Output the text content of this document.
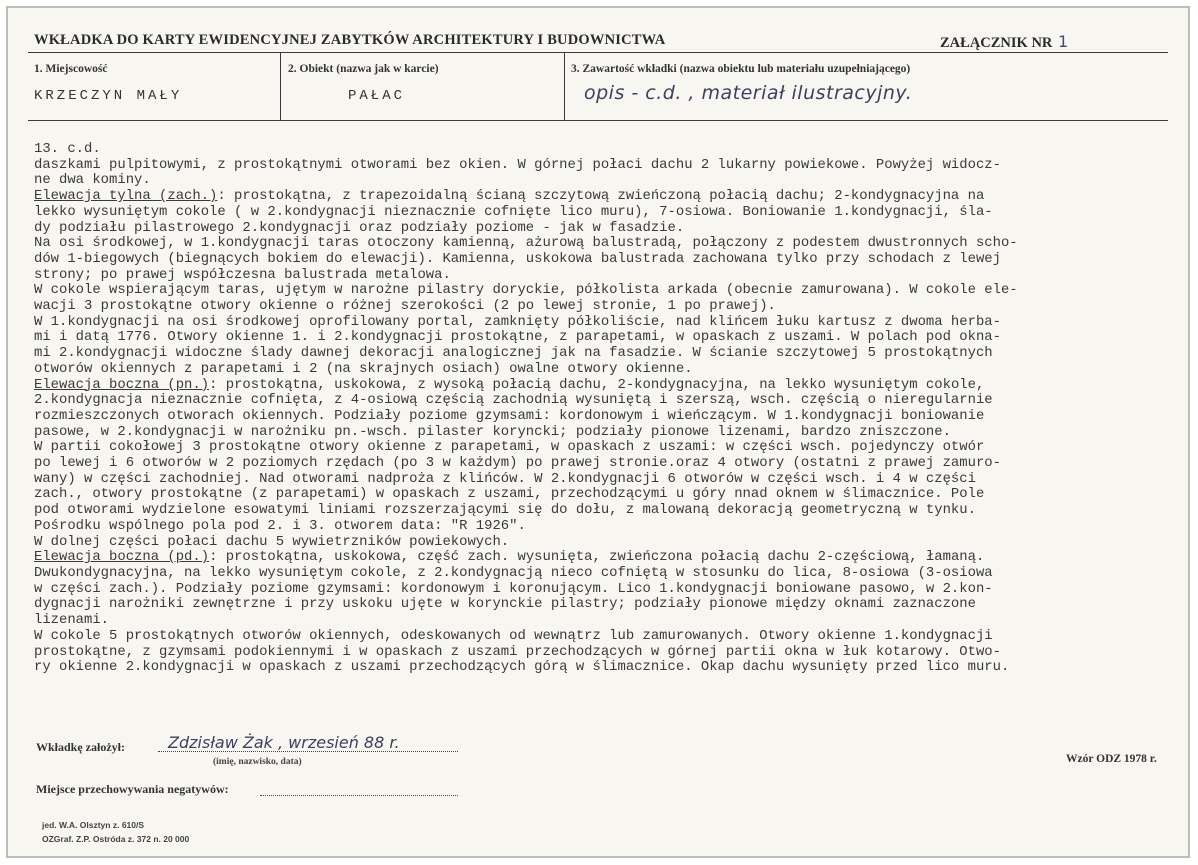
WKŁADKA DO KARTY EWIDENCYJNEJ ZABYTKÓW ARCHITEKTURY I BUDOWNICTWA	ZAŁĄCZNIK NR 1
1. Miejscowość	2. Obiekt (nazwa jak w karcie)	3. Zawartość wkładki (nazwa obiektu lub materiału uzupełniającego)
KRZECZYN MAŁY	PAŁAC	opis - c.d. , materiał ilustracyjny.
13. c.d.
daszkami pulpitowymi, z prostokątnymi otworami bez okien. W górnej połaci dachu 2 lukarny powiekowe. Powyżej widocz-
ne dwa kominy.
Elewacja tylna (zach.): prostokątna, z trapezoidalną ścianą szczytową zwieńczoną połacią dachu; 2-kondygnacyjna na
lekko wysuniętym cokole ( w 2.kondygnacji nieznacznie cofnięte lico muru), 7-osiowa. Boniowanie 1.kondygnacji, śla-
dy podziału pilastrowego 2.kondygnacji oraz podziały poziome - jak w fasadzie.
Na osi środkowej, w 1.kondygnacji taras otoczony kamienną, ażurową balustradą, połączony z podestem dwustronnych scho-
dów 1-biegowych (biegnących bokiem do elewacji). Kamienna, uskokowa balustrada zachowana tylko przy schodach z lewej
strony; po prawej współczesna balustrada metalowa.
W cokole wspierającym taras, ujętym w narożne pilastry doryckie, półkolista arkada (obecnie zamurowana). W cokole ele-
wacji 3 prostokątne otwory okienne o różnej szerokości (2 po lewej stronie, 1 po prawej).
W 1.kondygnacji na osi środkowej oprofilowany portal, zamknięty półkoliście, nad klińcem łuku kartusz z dwoma herba-
mi i datą 1776. Otwory okienne 1. i 2.kondygnacji prostokątne, z parapetami, w opaskach z uszami. W polach pod okna-
mi 2.kondygnacji widoczne ślady dawnej dekoracji analogicznej jak na fasadzie. W ścianie szczytowej 5 prostokątnych
otworów okiennych z parapetami i 2 (na skrajnych osiach) owalne otwory okienne.
Elewacja boczna (pn.): prostokątna, uskokowa, z wysoką połacią dachu, 2-kondygnacyjna, na lekko wysuniętym cokole,
2.kondygnacja nieznacznie cofnięta, z 4-osiową częścią zachodnią wysuniętą i szerszą, wsch. częścią o nieregularnie
rozmieszczonych otworach okiennych. Podziały poziome gzymsami: kordonowym i wieńczącym. W 1.kondygnacji boniowanie
pasowe, w 2.kondygnacji w narożniku pn.-wsch. pilaster koryncki; podziały pionowe lizenami, bardzo zniszczone.
W partii cokołowej 3 prostokątne otwory okienne z parapetami, w opaskach z uszami: w części wsch. pojedynczy otwór
po lewej i 6 otworów w 2 poziomych rzędach (po 3 w każdym) po prawej stronie.oraz 4 otwory (ostatni z prawej zamuro-
wany) w części zachodniej. Nad otworami nadproża z klińców. W 2.kondygnacji 6 otworów w części wsch. i 4 w części
zach., otwory prostokątne (z parapetami) w opaskach z uszami, przechodzącymi u góry nnad oknem w ślimacznice. Pole
pod otworami wydzielone esowatymi liniami rozszerzającymi się do dołu, z malowaną dekoracją geometryczną w tynku.
Pośrodku wspólnego pola pod 2. i 3. otworem data: "R 1926".
W dolnej części połaci dachu 5 wywietrzników powiekowych.
Elewacja boczna (pd.): prostokątna, uskokowa, część zach. wysunięta, zwieńczona połacią dachu 2-częściową, łamaną.
Dwukondygnacyjna, na lekko wysuniętym cokole, z 2.kondygnacją nieco cofniętą w stosunku do lica, 8-osiowa (3-osiowa
w części zach.). Podziały poziome gzymsami: kordonowym i koronującym. Lico 1.kondygnacji boniowane pasowo, w 2.kon-
dygnacji narożniki zewnętrzne i przy uskoku ujęte w korynckie pilastry; podziały pionowe między oknami zaznaczone
lizenami.
W cokole 5 prostokątnych otworów okiennych, odeskowanych od wewnątrz lub zamurowanych. Otwory okienne 1.kondygnacji
prostokątne, z gzymsami podokiennymi i w opaskach z uszami przechodzących w górnej partii okna w łuk kotarowy. Otwo-
ry okienne 2.kondygnacji w opaskach z uszami przechodzących górą w ślimacznice. Okap dachu wysunięty przed lico muru.
Wkładkę założył:	Zdzisław Żak , wrzesień 88 r.
(imię, nazwisko, data)	Wzór ODZ 1978 r.
Miejsce przechowywania negatywów:
jed. W.A. Olsztyn z. 610/S
OZGraf. Z.P. Ostróda z. 372 n. 20 000
